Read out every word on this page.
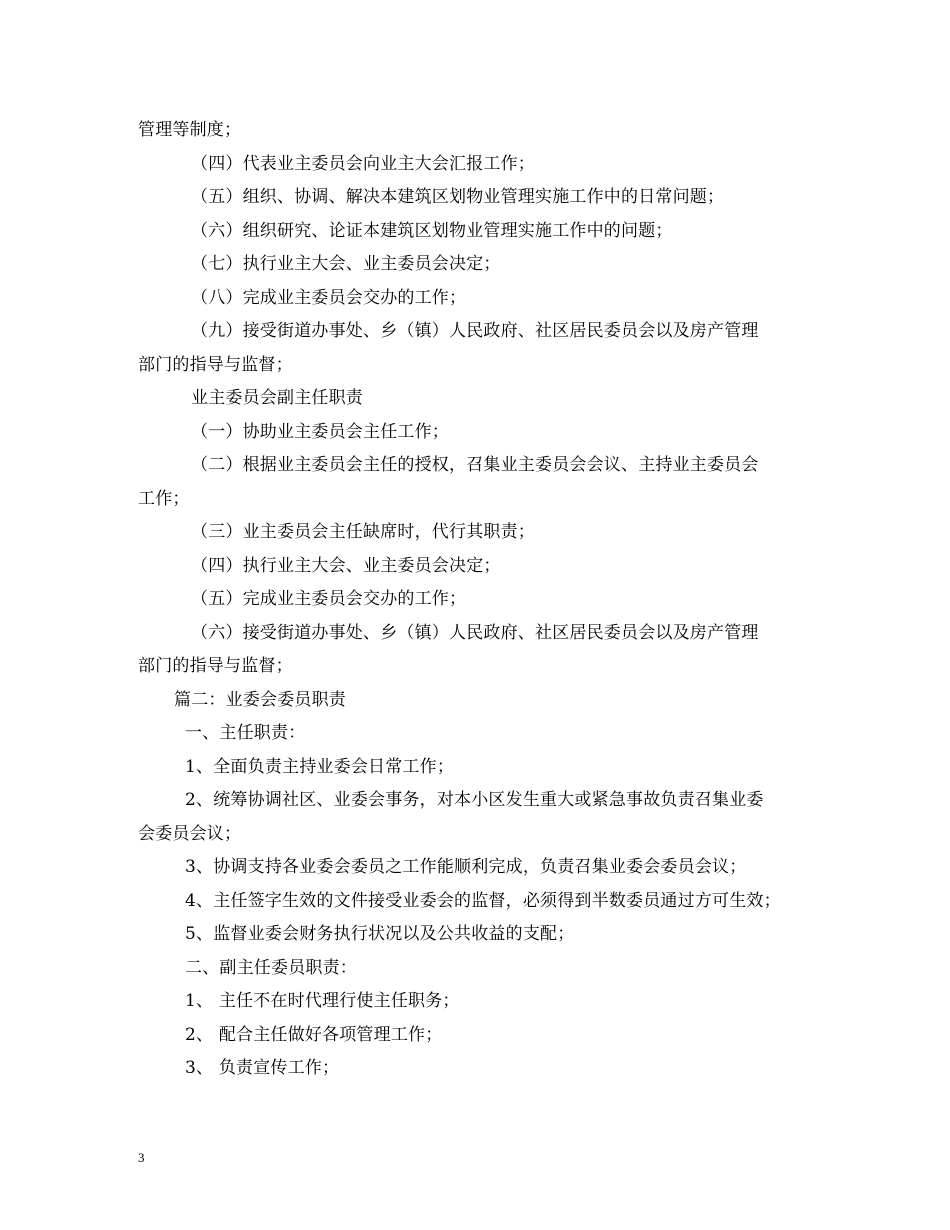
管理等制度；
（四）代表业主委员会向业主大会汇报工作；
（五）组织、协调、解决本建筑区划物业管理实施工作中的日常问题；
（六）组织研究、论证本建筑区划物业管理实施工作中的问题；
（七）执行业主大会、业主委员会决定；
（八）完成业主委员会交办的工作；
（九）接受街道办事处、乡（镇）人民政府、社区居民委员会以及房产管理
部门的指导与监督；
业主委员会副主任职责
（一）协助业主委员会主任工作；
（二）根据业主委员会主任的授权，召集业主委员会会议、主持业主委员会
工作；
（三）业主委员会主任缺席时，代行其职责；
（四）执行业主大会、业主委员会决定；
（五）完成业主委员会交办的工作；
（六）接受街道办事处、乡（镇）人民政府、社区居民委员会以及房产管理
部门的指导与监督；
篇二：业委会委员职责
一、主任职责：
1、全面负责主持业委会日常工作；
2、统筹协调社区、业委会事务，对本小区发生重大或紧急事故负责召集业委
会委员会议；
3、协调支持各业委会委员之工作能顺利完成，负责召集业委会委员会议；
4、主任签字生效的文件接受业委会的监督，必须得到半数委员通过方可生效；
5、监督业委会财务执行状况以及公共收益的支配；
二、副主任委员职责：
1、 主任不在时代理行使主任职务；
2、 配合主任做好各项管理工作；
3、 负责宣传工作；
3
